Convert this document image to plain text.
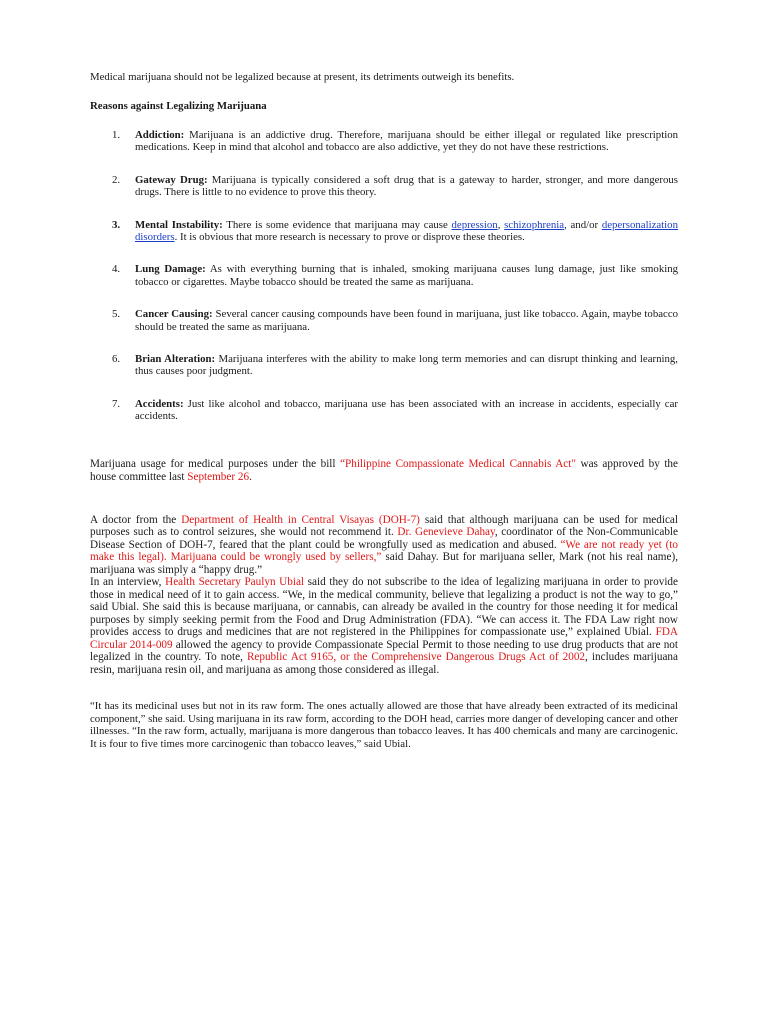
Medical marijuana should not be legalized because at present, its detriments outweigh its benefits.

Reasons against Legalizing Marijuana

1. Addiction: Marijuana is an addictive drug. Therefore, marijuana should be either illegal or regulated like prescription medications. Keep in mind that alcohol and tobacco are also addictive, yet they do not have these restrictions.
2. Gateway Drug: Marijuana is typically considered a soft drug that is a gateway to harder, stronger, and more dangerous drugs. There is little to no evidence to prove this theory.
3. Mental Instability: There is some evidence that marijuana may cause depression, schizophrenia, and/or depersonalization disorders. It is obvious that more research is necessary to prove or disprove these theories.
4. Lung Damage: As with everything burning that is inhaled, smoking marijuana causes lung damage, just like smoking tobacco or cigarettes. Maybe tobacco should be treated the same as marijuana.
5. Cancer Causing: Several cancer causing compounds have been found in marijuana, just like tobacco. Again, maybe tobacco should be treated the same as marijuana.
6. Brian Alteration: Marijuana interferes with the ability to make long term memories and can disrupt thinking and learning, thus causes poor judgment.
7. Accidents: Just like alcohol and tobacco, marijuana use has been associated with an increase in accidents, especially car accidents.

Marijuana usage for medical purposes under the bill “Philippine Compassionate Medical Cannabis Act" was approved by the house committee last September 26.

A doctor from the Department of Health in Central Visayas (DOH-7) said that although marijuana can be used for medical purposes such as to control seizures, she would not recommend it. Dr. Genevieve Dahay, coordinator of the Non-Communicable Disease Section of DOH-7, feared that the plant could be wrongfully used as medication and abused. “We are not ready yet (to make this legal). Marijuana could be wrongly used by sellers,” said Dahay. But for marijuana seller, Mark (not his real name), marijuana was simply a “happy drug.”
In an interview, Health Secretary Paulyn Ubial said they do not subscribe to the idea of legalizing marijuana in order to provide those in medical need of it to gain access. “We, in the medical community, believe that legalizing a product is not the way to go,” said Ubial. She said this is because marijuana, or cannabis, can already be availed in the country for those needing it for medical purposes by simply seeking permit from the Food and Drug Administration (FDA). “We can access it. The FDA Law right now provides access to drugs and medicines that are not registered in the Philippines for compassionate use,” explained Ubial. FDA Circular 2014-009 allowed the agency to provide Compassionate Special Permit to those needing to use drug products that are not legalized in the country. To note, Republic Act 9165, or the Comprehensive Dangerous Drugs Act of 2002, includes marijuana resin, marijuana resin oil, and marijuana as among those considered as illegal.

“It has its medicinal uses but not in its raw form. The ones actually allowed are those that have already been extracted of its medicinal component,” she said. Using marijuana in its raw form, according to the DOH head, carries more danger of developing cancer and other illnesses. “In the raw form, actually, marijuana is more dangerous than tobacco leaves. It has 400 chemicals and many are carcinogenic. It is four to five times more carcinogenic than tobacco leaves,” said Ubial.
